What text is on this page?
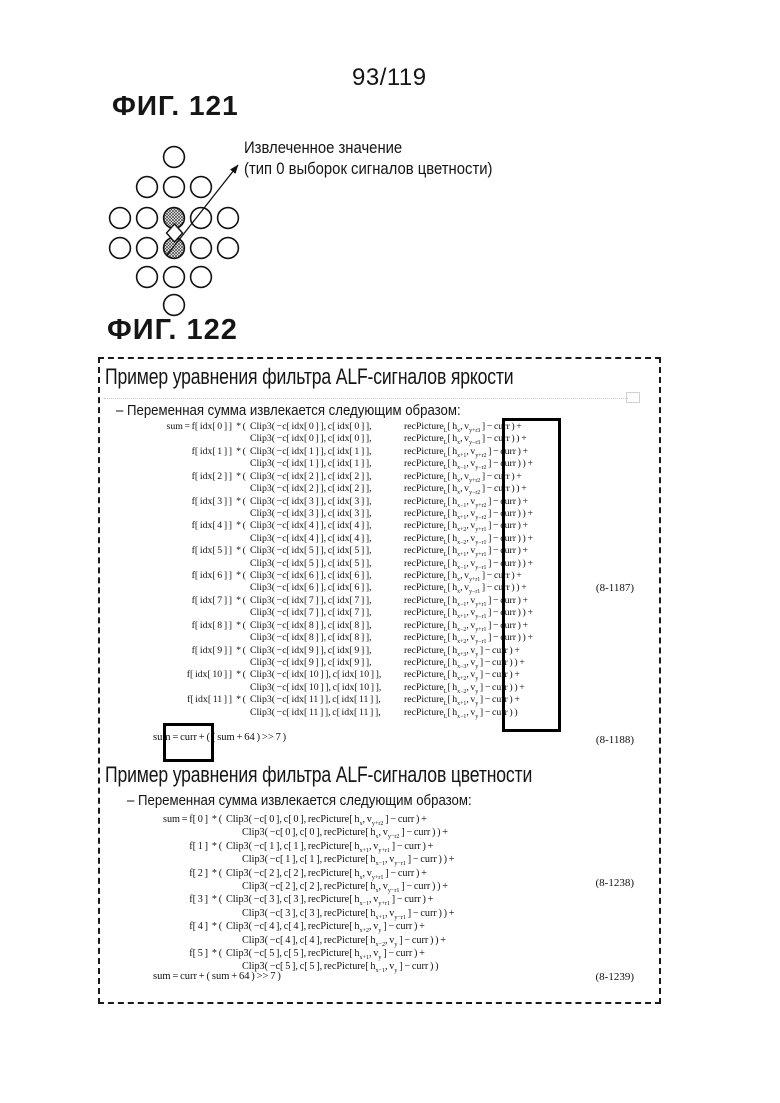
93/119
ФИГ. 121
Извлеченное значение
(тип 0 выборок сигналов цветности)
ФИГ. 122
Пример уравнения фильтра ALF-сигналов яркости
– Переменная сумма извлекается следующим образом:
sum = f[ idx[ 0 ] ] * ( Clip3( −c[ idx[ 0 ] ], c[ idx[ 0 ] ],	recPicture$_L$[ $h_x$, $v_{y+r3}$ ] − curr ) +
Clip3( −c[ idx[ 0 ] ], c[ idx[ 0 ] ],	recPicture$_L$[ $h_x$, $v_{y-r3}$ ] − curr ) ) +
f[ idx[ 1 ] ] * ( Clip3( −c[ idx[ 1 ] ], c[ idx[ 1 ] ],	recPicture$_L$[ $h_{x+1}$, $v_{y+r2}$ ] − curr ) +
Clip3( −c[ idx[ 1 ] ], c[ idx[ 1 ] ],	recPicture$_L$[ $h_{x-1}$, $v_{y-r2}$ ] − curr ) ) +
f[ idx[ 2 ] ] * ( Clip3( −c[ idx[ 2 ] ], c[ idx[ 2 ] ],	recPicture$_L$[ $h_x$, $v_{y+r2}$ ] − curr ) +
Clip3( −c[ idx[ 2 ] ], c[ idx[ 2 ] ],	recPicture$_L$[ $h_x$, $v_{y-r2}$ ] − curr ) ) +
f[ idx[ 3 ] ] * ( Clip3( −c[ idx[ 3 ] ], c[ idx[ 3 ] ],	recPicture$_L$[ $h_{x-1}$, $v_{y+r2}$ ] − curr ) +
Clip3( −c[ idx[ 3 ] ], c[ idx[ 3 ] ],	recPicture$_L$[ $h_{x+1}$, $v_{y-r2}$ ] − curr ) ) +
f[ idx[ 4 ] ] * ( Clip3( −c[ idx[ 4 ] ], c[ idx[ 4 ] ],	recPicture$_L$[ $h_{x+2}$, $v_{y+r1}$ ] − curr ) +
Clip3( −c[ idx[ 4 ] ], c[ idx[ 4 ] ],	recPicture$_L$[ $h_{x-2}$, $v_{y-r1}$ ] − curr ) ) +
f[ idx[ 5 ] ] * ( Clip3( −c[ idx[ 5 ] ], c[ idx[ 5 ] ],	recPicture$_L$[ $h_{x+1}$, $v_{y+r1}$ ] − curr ) +
Clip3( −c[ idx[ 5 ] ], c[ idx[ 5 ] ],	recPicture$_L$[ $h_{x-1}$, $v_{y-r1}$ ] − curr ) ) +
f[ idx[ 6 ] ] * ( Clip3( −c[ idx[ 6 ] ], c[ idx[ 6 ] ],	recPicture$_L$[ $h_x$, $v_{y+r1}$ ] − curr ) +
Clip3( −c[ idx[ 6 ] ], c[ idx[ 6 ] ],	recPicture$_L$[ $h_x$, $v_{y-r1}$ ] − curr ) ) +
f[ idx[ 7 ] ] * ( Clip3( −c[ idx[ 7 ] ], c[ idx[ 7 ] ],	recPicture$_L$[ $h_{x-1}$, $v_{y+r1}$ ] − curr ) +
Clip3( −c[ idx[ 7 ] ], c[ idx[ 7 ] ],	recPicture$_L$[ $h_{x+1}$, $v_{y-r1}$ ] − curr ) ) +
f[ idx[ 8 ] ] * ( Clip3( −c[ idx[ 8 ] ], c[ idx[ 8 ] ],	recPicture$_L$[ $h_{x-2}$, $v_{y+r1}$ ] − curr ) +
Clip3( −c[ idx[ 8 ] ], c[ idx[ 8 ] ],	recPicture$_L$[ $h_{x+2}$, $v_{y-r1}$ ] − curr ) ) +
f[ idx[ 9 ] ] * ( Clip3( −c[ idx[ 9 ] ], c[ idx[ 9 ] ],	recPicture$_L$[ $h_{x+3}$, $v_y$ ] − curr ) +
Clip3( −c[ idx[ 9 ] ], c[ idx[ 9 ] ],	recPicture$_L$[ $h_{x-3}$, $v_y$ ] − curr ) ) +
f[ idx[ 10 ] ] * ( Clip3( −c[ idx[ 10 ] ], c[ idx[ 10 ] ],	recPicture$_L$[ $h_{x+2}$, $v_y$ ] − curr ) +
Clip3( −c[ idx[ 10 ] ], c[ idx[ 10 ] ],	recPicture$_L$[ $h_{x-2}$, $v_y$ ] − curr ) ) +
f[ idx[ 11 ] ] * ( Clip3( −c[ idx[ 11 ] ], c[ idx[ 11 ] ],	recPicture$_L$[ $h_{x+1}$, $v_y$ ] − curr ) +
Clip3( −c[ idx[ 11 ] ], c[ idx[ 11 ] ],	recPicture$_L$[ $h_{x-1}$, $v_y$ ] − curr ) )
(8-1187)
sum = curr + ( ( sum + 64 ) >> 7 )	(8-1188)
Пример уравнения фильтра ALF-сигналов цветности
– Переменная сумма извлекается следующим образом:
sum = f[ 0 ] * ( Clip3( −c[ 0 ], c[ 0 ], recPicture[ $h_x$, $v_{y+r2}$ ] − curr ) +
Clip3( −c[ 0 ], c[ 0 ], recPicture[ $h_x$, $v_{y-r2}$ ] − curr ) ) +
f[ 1 ] * ( Clip3( −c[ 1 ], c[ 1 ], recPicture[ $h_{x+1}$, $v_{y+r1}$ ] − curr ) +
Clip3( −c[ 1 ], c[ 1 ], recPicture[ $h_{x-1}$, $v_{y-r1}$ ] − curr ) ) +
f[ 2 ] * ( Clip3( −c[ 2 ], c[ 2 ], recPicture[ $h_x$, $v_{y+r1}$ ] − curr ) +
Clip3( −c[ 2 ], c[ 2 ], recPicture[ $h_x$, $v_{y-r1}$ ] − curr ) ) +
f[ 3 ] * ( Clip3( −c[ 3 ], c[ 3 ], recPicture[ $h_{x-1}$, $v_{y+r1}$ ] − curr ) +
Clip3( −c[ 3 ], c[ 3 ], recPicture[ $h_{x+1}$, $v_{y-r1}$ ] − curr ) ) +
f[ 4 ] * ( Clip3( −c[ 4 ], c[ 4 ], recPicture[ $h_{x+2}$, $v_y$ ] − curr ) +
Clip3( −c[ 4 ], c[ 4 ], recPicture[ $h_{x-2}$, $v_y$ ] − curr ) ) +
f[ 5 ] * ( Clip3( −c[ 5 ], c[ 5 ], recPicture[ $h_{x+1}$, $v_y$ ] − curr ) +
Clip3( −c[ 5 ], c[ 5 ], recPicture[ $h_{x-1}$, $v_y$ ] − curr ) )
(8-1238)
sum = curr + ( sum + 64 ) >> 7 )	(8-1239)
